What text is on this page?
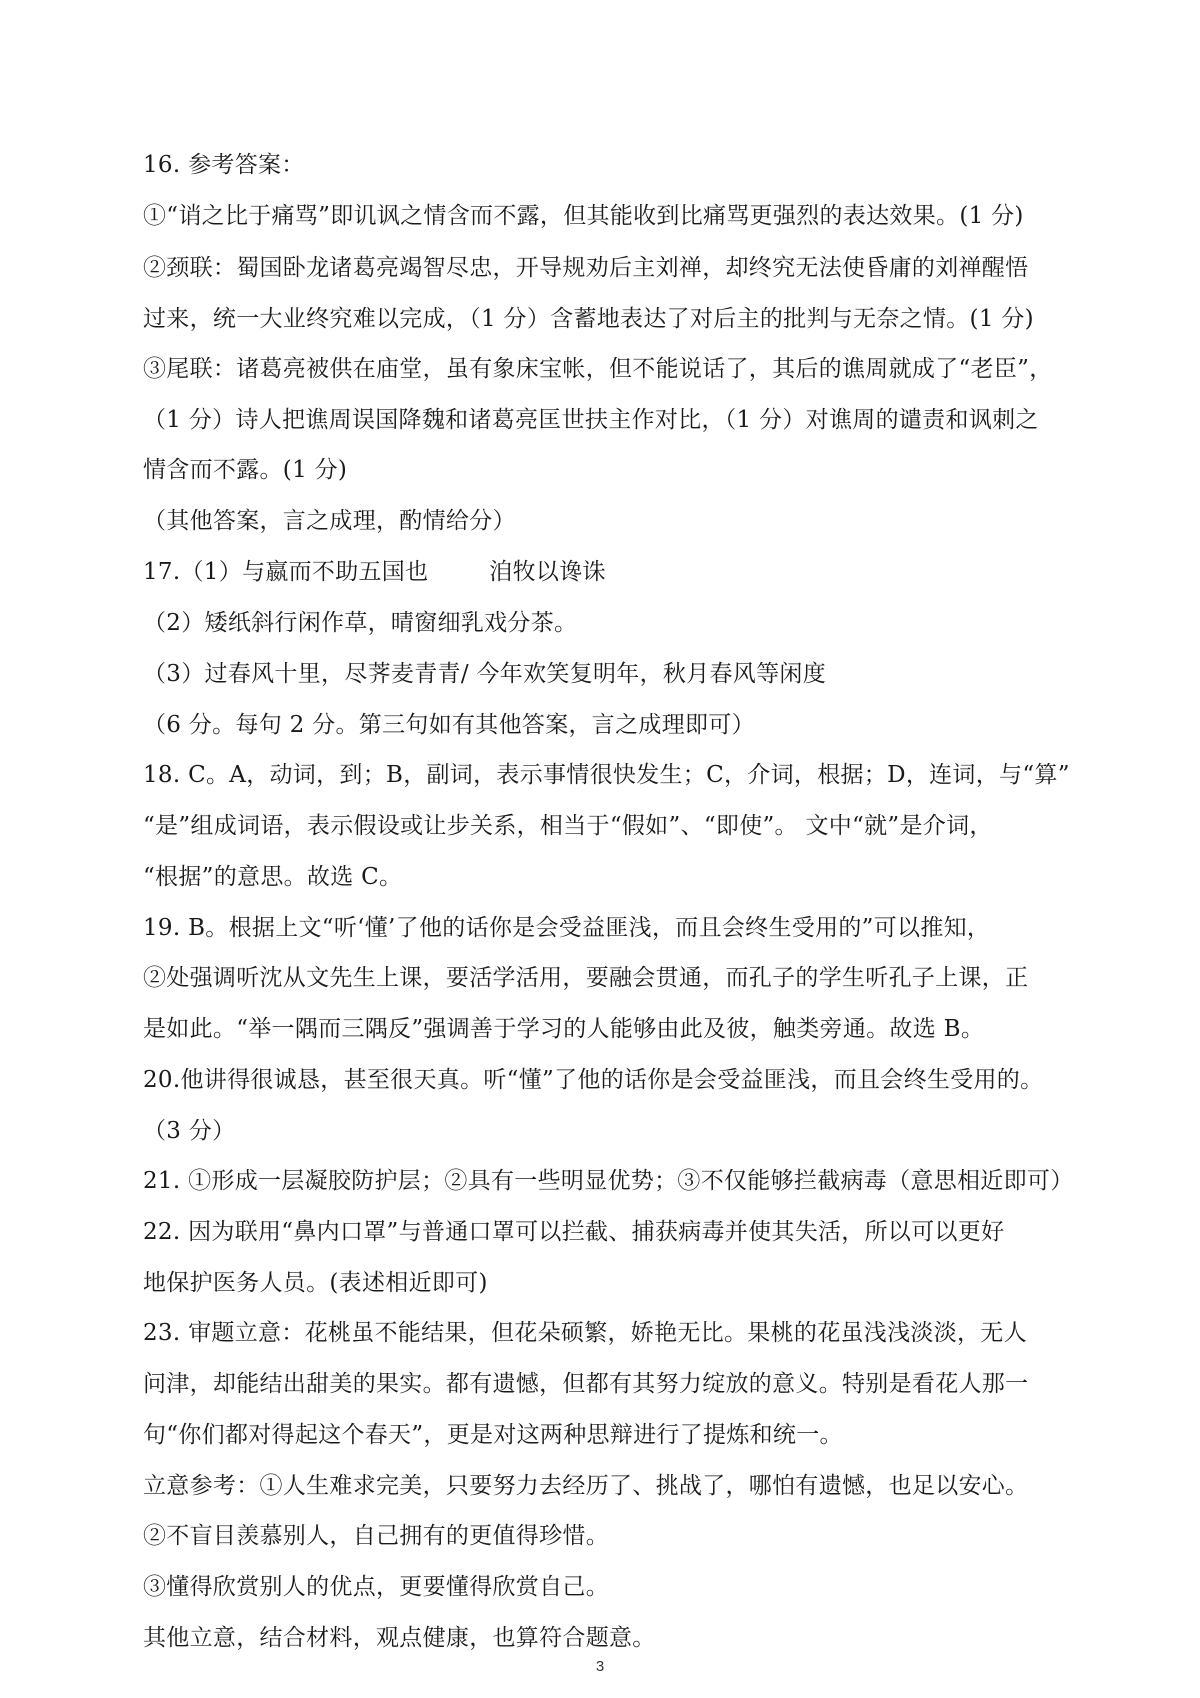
16. 参考答案：
①“诮之比于痛骂”即讥讽之情含而不露，但其能收到比痛骂更强烈的表达效果。(1 分)
②颈联：蜀国卧龙诸葛亮竭智尽忠，开导规劝后主刘禅，却终究无法使昏庸的刘禅醒悟
过来，统一大业终究难以完成，（1 分）含蓄地表达了对后主的批判与无奈之情。(1 分)
③尾联：诸葛亮被供在庙堂，虽有象床宝帐，但不能说话了，其后的谯周就成了“老臣”，
（1 分）诗人把谯周误国降魏和诸葛亮匡世扶主作对比，（1 分）对谯周的谴责和讽刺之
情含而不露。(1 分)
（其他答案，言之成理，酌情给分）
17.（1）与嬴而不助五国也        洎牧以谗诛
（2）矮纸斜行闲作草，晴窗细乳戏分茶。
（3）过春风十里，尽荠麦青青/ 今年欢笑复明年，秋月春风等闲度
（6 分。每句 2 分。第三句如有其他答案，言之成理即可）
18. C。A，动词，到；B，副词，表示事情很快发生；C，介词，根据；D，连词，与“算”
“是”组成词语，表示假设或让步关系，相当于“假如”、“即使”。 文中“就”是介词，
“根据”的意思。故选 C。
19. B。根据上文“听‘懂’了他的话你是会受益匪浅，而且会终生受用的”可以推知，
②处强调听沈从文先生上课，要活学活用，要融会贯通，而孔子的学生听孔子上课，正
是如此。“举一隅而三隅反”强调善于学习的人能够由此及彼，触类旁通。故选 B。
20.他讲得很诚恳，甚至很天真。听“懂”了他的话你是会受益匪浅，而且会终生受用的。
（3 分）
21. ①形成一层凝胶防护层；②具有一些明显优势；③不仅能够拦截病毒（意思相近即可）
22. 因为联用“鼻内口罩”与普通口罩可以拦截、捕获病毒并使其失活，所以可以更好
地保护医务人员。(表述相近即可)
23. 审题立意：花桃虽不能结果，但花朵硕繁，娇艳无比。果桃的花虽浅浅淡淡，无人
问津，却能结出甜美的果实。都有遗憾，但都有其努力绽放的意义。特别是看花人那一
句“你们都对得起这个春天”，更是对这两种思辩进行了提炼和统一。
立意参考：①人生难求完美，只要努力去经历了、挑战了，哪怕有遗憾，也足以安心。
②不盲目羡慕别人，自己拥有的更值得珍惜。
③懂得欣赏别人的优点，更要懂得欣赏自己。
其他立意，结合材料，观点健康，也算符合题意。
3
